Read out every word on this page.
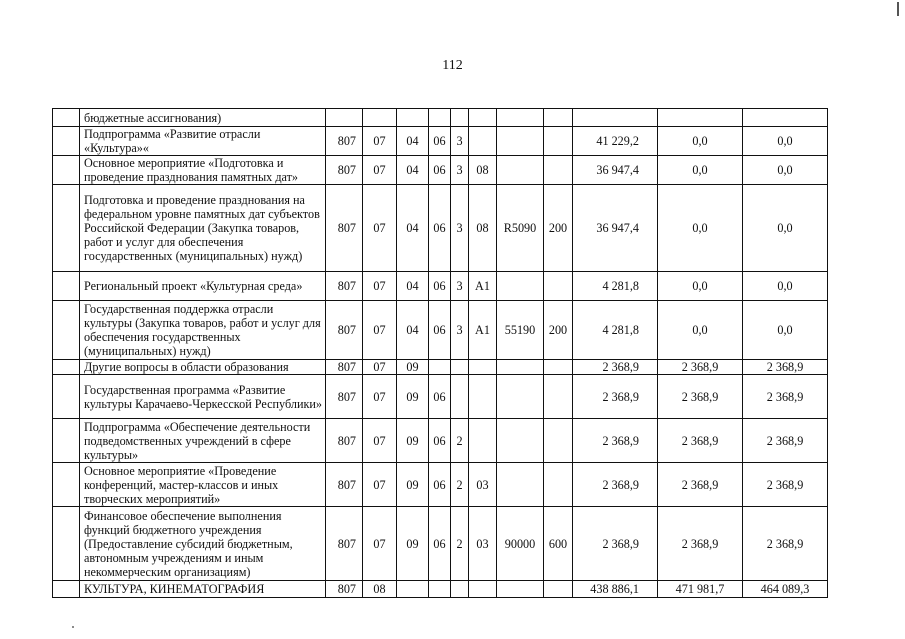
112
	бюджетные ассигнования)											
	Подпрограмма «Развитие отрасли «Культура»«	807	07	04	06	3				41 229,2	0,0	0,0
	Основное мероприятие «Подготовка и проведение празднования памятных дат»	807	07	04	06	3	08			36 947,4	0,0	0,0
	Подготовка и проведение празднования на федеральном уровне памятных дат субъектов Российской Федерации (Закупка товаров, работ и услуг для обеспечения государственных (муниципальных) нужд)	807	07	04	06	3	08	R5090	200	36 947,4	0,0	0,0
	Региональный проект «Культурная среда»	807	07	04	06	3	A1			4 281,8	0,0	0,0
	Государственная поддержка отрасли культуры (Закупка товаров, работ и услуг для обеспечения государственных (муниципальных) нужд)	807	07	04	06	3	A1	55190	200	4 281,8	0,0	0,0
	Другие вопросы в области образования	807	07	09						2 368,9	2 368,9	2 368,9
	Государственная программа «Развитие культуры Карачаево-Черкесской Республики»	807	07	09	06					2 368,9	2 368,9	2 368,9
	Подпрограмма «Обеспечение деятельности подведомственных учреждений в сфере культуры»	807	07	09	06	2				2 368,9	2 368,9	2 368,9
	Основное мероприятие «Проведение конференций, мастер-классов и иных творческих мероприятий»	807	07	09	06	2	03			2 368,9	2 368,9	2 368,9
	Финансовое обеспечение выполнения функций бюджетного учреждения (Предоставление субсидий бюджетным, автономным учреждениям и иным некоммерческим организациям)	807	07	09	06	2	03	90000	600	2 368,9	2 368,9	2 368,9
	КУЛЬТУРА, КИНЕМАТОГРАФИЯ	807	08							438 886,1	471 981,7	464 089,3
